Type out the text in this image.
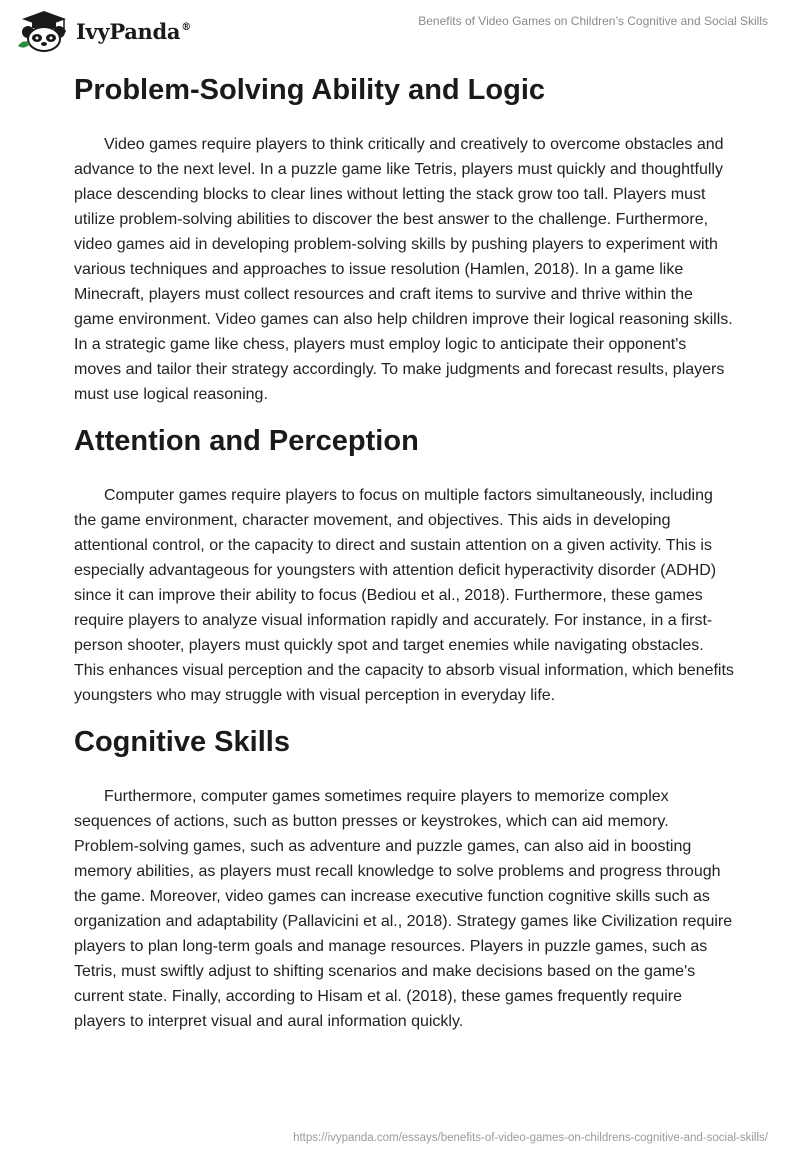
IvyPanda®	Benefits of Video Games on Children’s Cognitive and Social Skills
Problem-Solving Ability and Logic

Video games require players to think critically and creatively to overcome obstacles and advance to the next level. In a puzzle game like Tetris, players must quickly and thoughtfully place descending blocks to clear lines without letting the stack grow too tall. Players must utilize problem-solving abilities to discover the best answer to the challenge. Furthermore, video games aid in developing problem-solving skills by pushing players to experiment with various techniques and approaches to issue resolution (Hamlen, 2018). In a game like Minecraft, players must collect resources and craft items to survive and thrive within the game environment. Video games can also help children improve their logical reasoning skills. In a strategic game like chess, players must employ logic to anticipate their opponent's moves and tailor their strategy accordingly. To make judgments and forecast results, players must use logical reasoning.

Attention and Perception

Computer games require players to focus on multiple factors simultaneously, including the game environment, character movement, and objectives. This aids in developing attentional control, or the capacity to direct and sustain attention on a given activity. This is especially advantageous for youngsters with attention deficit hyperactivity disorder (ADHD) since it can improve their ability to focus (Bediou et al., 2018). Furthermore, these games require players to analyze visual information rapidly and accurately. For instance, in a first-person shooter, players must quickly spot and target enemies while navigating obstacles. This enhances visual perception and the capacity to absorb visual information, which benefits youngsters who may struggle with visual perception in everyday life.

Cognitive Skills

Furthermore, computer games sometimes require players to memorize complex sequences of actions, such as button presses or keystrokes, which can aid memory. Problem-solving games, such as adventure and puzzle games, can also aid in boosting memory abilities, as players must recall knowledge to solve problems and progress through the game. Moreover, video games can increase executive function cognitive skills such as organization and adaptability (Pallavicini et al., 2018). Strategy games like Civilization require players to plan long-term goals and manage resources. Players in puzzle games, such as Tetris, must swiftly adjust to shifting scenarios and make decisions based on the game's current state. Finally, according to Hisam et al. (2018), these games frequently require players to interpret visual and aural information quickly.

https://ivypanda.com/essays/benefits-of-video-games-on-childrens-cognitive-and-social-skills/
